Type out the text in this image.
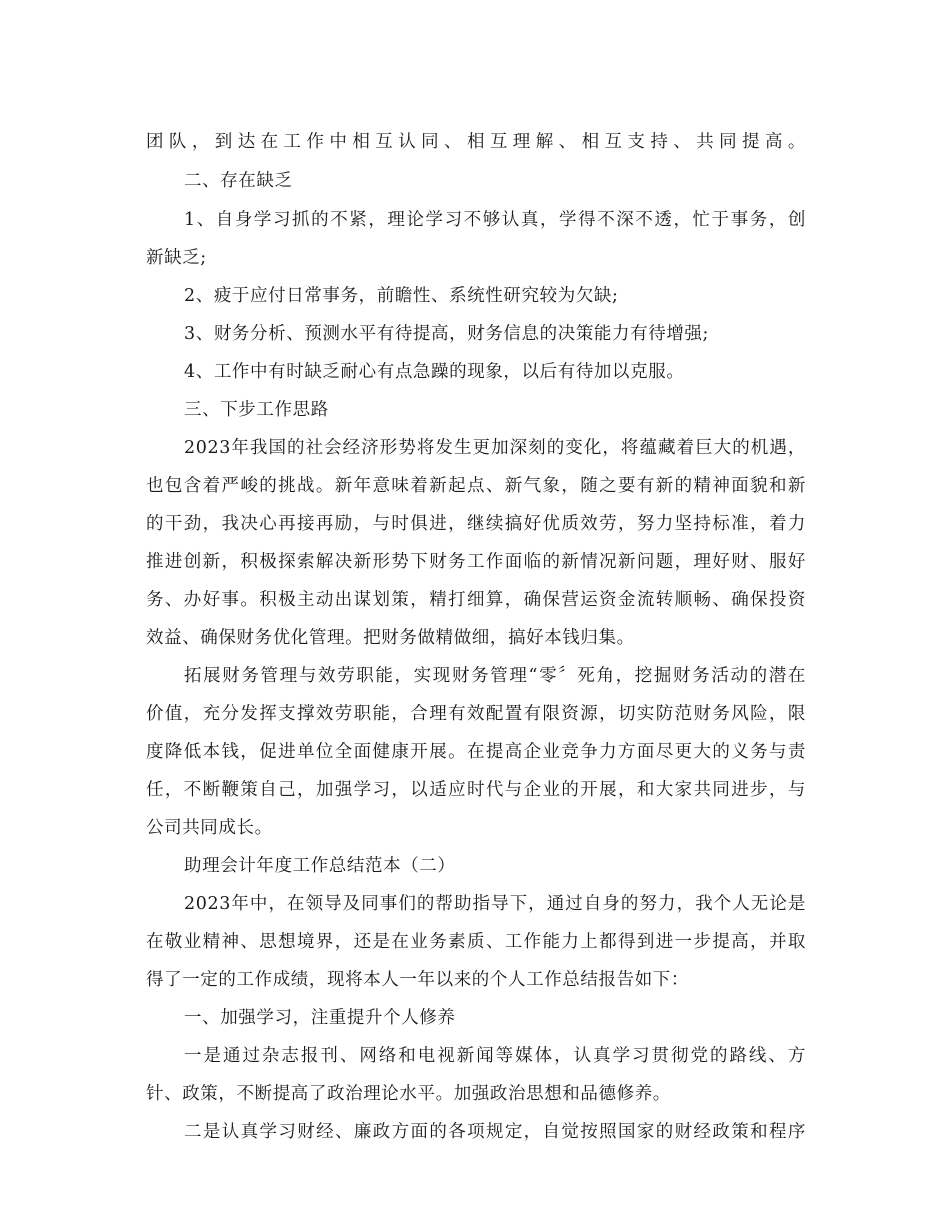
团队，到达在工作中相互认同、相互理解、相互支持、共同提高。
二、存在缺乏
1、自身学习抓的不紧，理论学习不够认真，学得不深不透，忙于事务，创
新缺乏;
2、疲于应付日常事务，前瞻性、系统性研究较为欠缺;
3、财务分析、预测水平有待提高，财务信息的决策能力有待增强;
4、工作中有时缺乏耐心有点急躁的现象，以后有待加以克服。
三、下步工作思路
2023年我国的社会经济形势将发生更加深刻的变化，将蕴藏着巨大的机遇，
也包含着严峻的挑战。新年意味着新起点、新气象，随之要有新的精神面貌和新
的干劲，我决心再接再励，与时俱进，继续搞好优质效劳，努力坚持标准，着力
推进创新，积极探索解决新形势下财务工作面临的新情况新问题，理好财、服好
务、办好事。积极主动出谋划策，精打细算，确保营运资金流转顺畅、确保投资
效益、确保财务优化管理。把财务做精做细，搞好本钱归集。
拓展财务管理与效劳职能，实现财务管理“零〞死角，挖掘财务活动的潜在
价值，充分发挥支撑效劳职能，合理有效配置有限资源，切实防范财务风险，限
度降低本钱，促进单位全面健康开展。在提高企业竞争力方面尽更大的义务与责
任，不断鞭策自己，加强学习，以适应时代与企业的开展，和大家共同进步，与
公司共同成长。
助理会计年度工作总结范本（二）
2023年中，在领导及同事们的帮助指导下，通过自身的努力，我个人无论是
在敬业精神、思想境界，还是在业务素质、工作能力上都得到进一步提高，并取
得了一定的工作成绩，现将本人一年以来的个人工作总结报告如下：
一、加强学习，注重提升个人修养
一是通过杂志报刊、网络和电视新闻等媒体，认真学习贯彻党的路线、方
针、政策，不断提高了政治理论水平。加强政治思想和品德修养。
二是认真学习财经、廉政方面的各项规定，自觉按照国家的财经政策和程序
